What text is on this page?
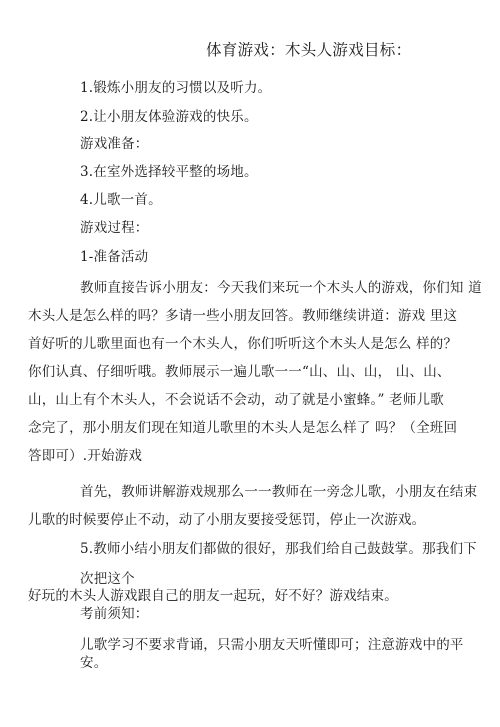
体育游戏：木头人游戏目标：
1.锻炼小朋友的习惯以及听力。
2.让小朋友体验游戏的快乐。
游戏准备：
3.在室外选择较平整的场地。
4.儿歌一首。
游戏过程：
1-准备活动
教师直接告诉小朋友：今天我们来玩一个木头人的游戏，你们知 道
木头人是怎么样的吗？多请一些小朋友回答。教师继续讲道：游戏 里这
首好听的儿歌里面也有一个木头人，你们听听这个木头人是怎么 样的？
你们认真、仔细听哦。教师展示一遍儿歌一一“山、山、山， 山、山、
山，山上有个木头人，不会说话不会动，动了就是小蜜蜂。” 老师儿歌
念完了，那小朋友们现在知道儿歌里的木头人是怎么样了 吗？（全班回
答即可）.开始游戏
首先，教师讲解游戏规那么一一教师在一旁念儿歌，小朋友在结束
儿歌的时候要停止不动，动了小朋友要接受惩罚，停止一次游戏。
5.教师小结小朋友们都做的很好，那我们给自己鼓鼓掌。那我们下
次把这个
好玩的木头人游戏跟自己的朋友一起玩，好不好？游戏结束。
考前须知：
儿歌学习不要求背诵，只需小朋友天听懂即可；注意游戏中的平
安。
